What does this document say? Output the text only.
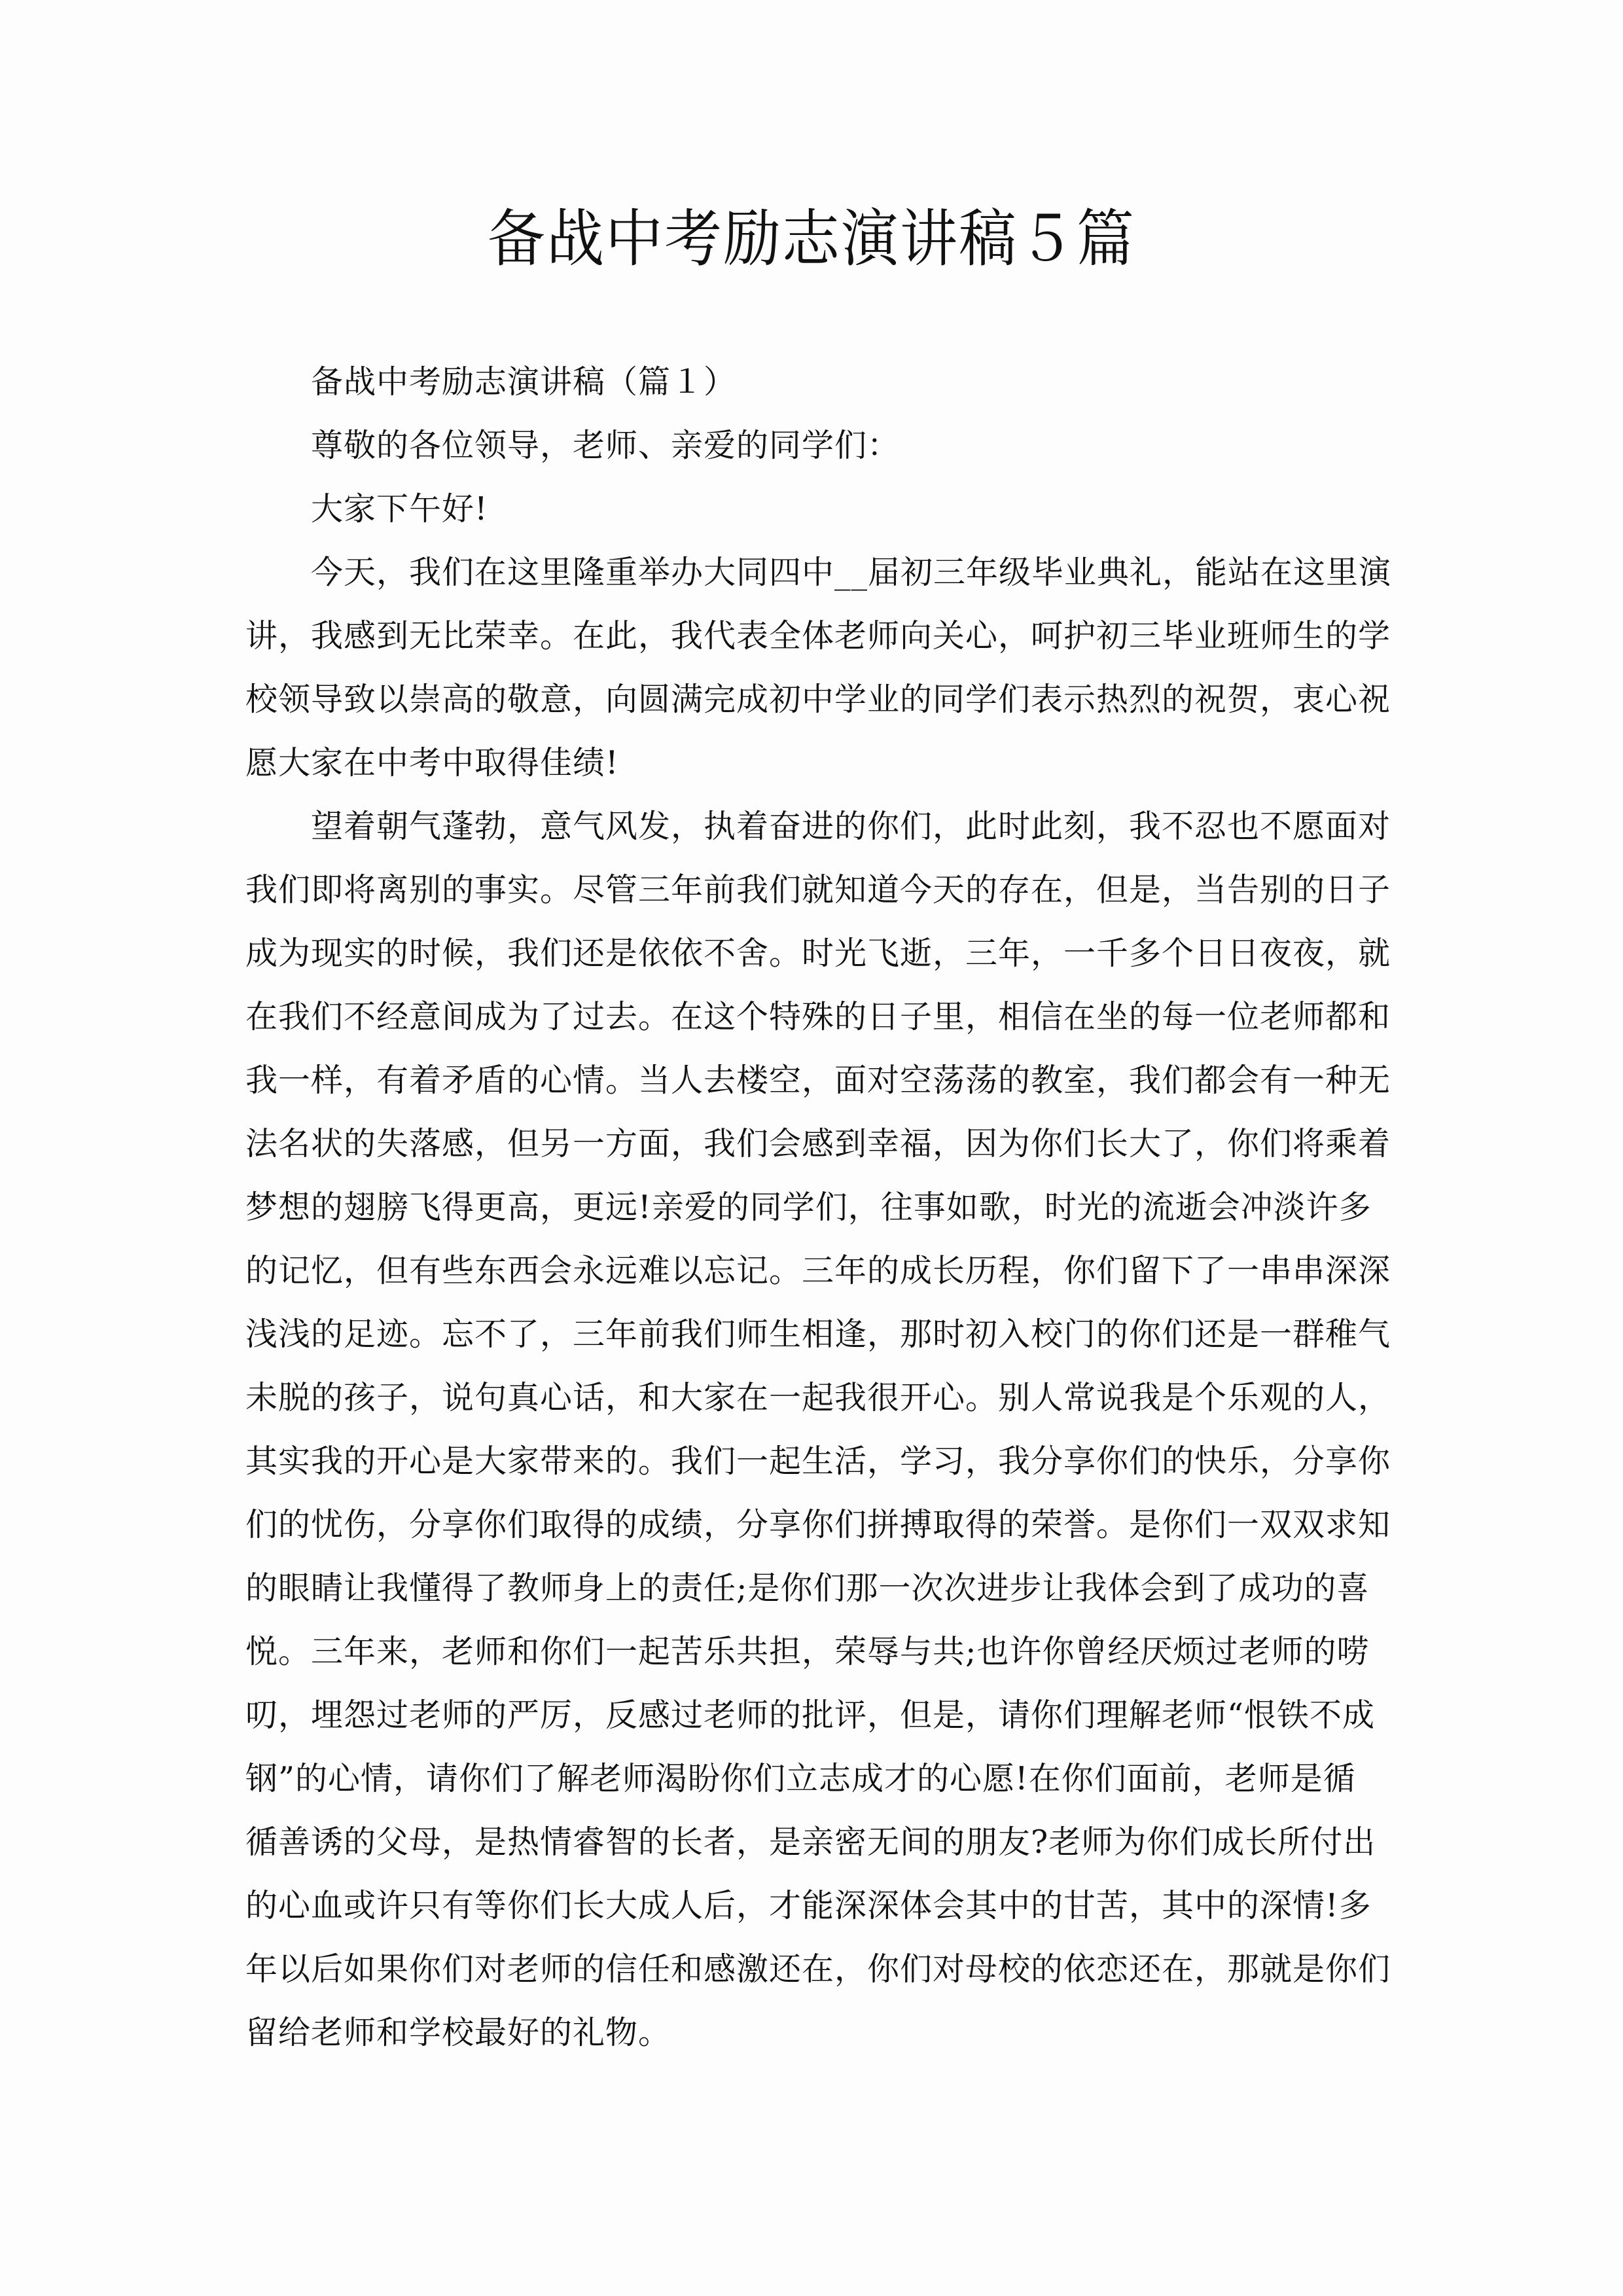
备战中考励志演讲稿５篇
备战中考励志演讲稿（篇１）
尊敬的各位领导，老师、亲爱的同学们：
大家下午好!
今天，我们在这里隆重举办大同四中__届初三年级毕业典礼，能站在这里演
讲，我感到无比荣幸。在此，我代表全体老师向关心，呵护初三毕业班师生的学
校领导致以崇高的敬意，向圆满完成初中学业的同学们表示热烈的祝贺，衷心祝
愿大家在中考中取得佳绩!
望着朝气蓬勃，意气风发，执着奋进的你们，此时此刻，我不忍也不愿面对
我们即将离别的事实。尽管三年前我们就知道今天的存在，但是，当告别的日子
成为现实的时候，我们还是依依不舍。时光飞逝，三年，一千多个日日夜夜，就
在我们不经意间成为了过去。在这个特殊的日子里，相信在坐的每一位老师都和
我一样，有着矛盾的心情。当人去楼空，面对空荡荡的教室，我们都会有一种无
法名状的失落感，但另一方面，我们会感到幸福，因为你们长大了，你们将乘着
梦想的翅膀飞得更高，更远!亲爱的同学们，往事如歌，时光的流逝会冲淡许多
的记忆，但有些东西会永远难以忘记。三年的成长历程，你们留下了一串串深深
浅浅的足迹。忘不了，三年前我们师生相逢，那时初入校门的你们还是一群稚气
未脱的孩子，说句真心话，和大家在一起我很开心。别人常说我是个乐观的人，
其实我的开心是大家带来的。我们一起生活，学习，我分享你们的快乐，分享你
们的忧伤，分享你们取得的成绩，分享你们拼搏取得的荣誉。是你们一双双求知
的眼睛让我懂得了教师身上的责任;是你们那一次次进步让我体会到了成功的喜
悦。三年来，老师和你们一起苦乐共担，荣辱与共;也许你曾经厌烦过老师的唠
叨，埋怨过老师的严厉，反感过老师的批评，但是，请你们理解老师“恨铁不成
钢”的心情，请你们了解老师渴盼你们立志成才的心愿!在你们面前，老师是循
循善诱的父母，是热情睿智的长者，是亲密无间的朋友?老师为你们成长所付出
的心血或许只有等你们长大成人后，才能深深体会其中的甘苦，其中的深情!多
年以后如果你们对老师的信任和感激还在，你们对母校的依恋还在，那就是你们
留给老师和学校最好的礼物。
